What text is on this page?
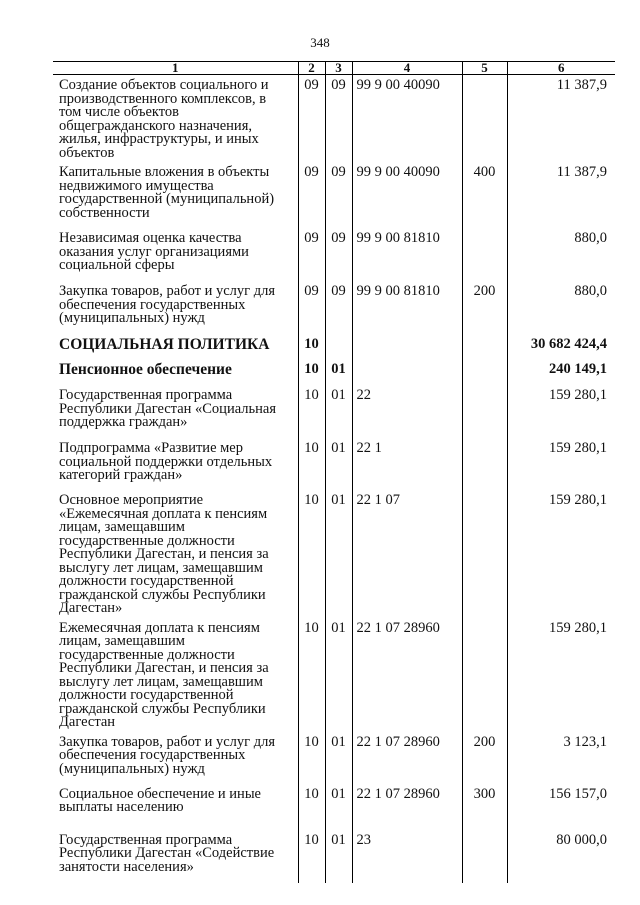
348
1	2	3	4	5	6
Создание объектов социального и производственного комплексов, в том числе объектов общегражданского назначения, жилья, инфраструктуры, и иных объектов	09	09	99 9 00 40090		11 387,9
Капитальные вложения в объекты недвижимого имущества государственной (муниципальной) собственности	09	09	99 9 00 40090	400	11 387,9
Независимая оценка качества оказания услуг организациями социальной сферы	09	09	99 9 00 81810		880,0
Закупка товаров, работ и услуг для обеспечения государственных (муниципальных) нужд	09	09	99 9 00 81810	200	880,0
СОЦИАЛЬНАЯ ПОЛИТИКА	10				30 682 424,4
Пенсионное обеспечение	10	01			240 149,1
Государственная программа Республики Дагестан «Социальная поддержка граждан»	10	01	22		159 280,1
Подпрограмма «Развитие мер социальной поддержки отдельных категорий граждан»	10	01	22 1		159 280,1
Основное мероприятие «Ежемесячная доплата к пенсиям лицам, замещавшим государственные должности Республики Дагестан, и пенсия за выслугу лет лицам, замещавшим должности государственной гражданской службы Республики Дагестан»	10	01	22 1 07		159 280,1
Ежемесячная доплата к пенсиям лицам, замещавшим государственные должности Республики Дагестан, и пенсия за выслугу лет лицам, замещавшим должности государственной гражданской службы Республики Дагестан	10	01	22 1 07 28960		159 280,1
Закупка товаров, работ и услуг для обеспечения государственных (муниципальных) нужд	10	01	22 1 07 28960	200	3 123,1
Социальное обеспечение и иные выплаты населению	10	01	22 1 07 28960	300	156 157,0
Государственная программа Республики Дагестан «Содействие занятости населения»	10	01	23		80 000,0
